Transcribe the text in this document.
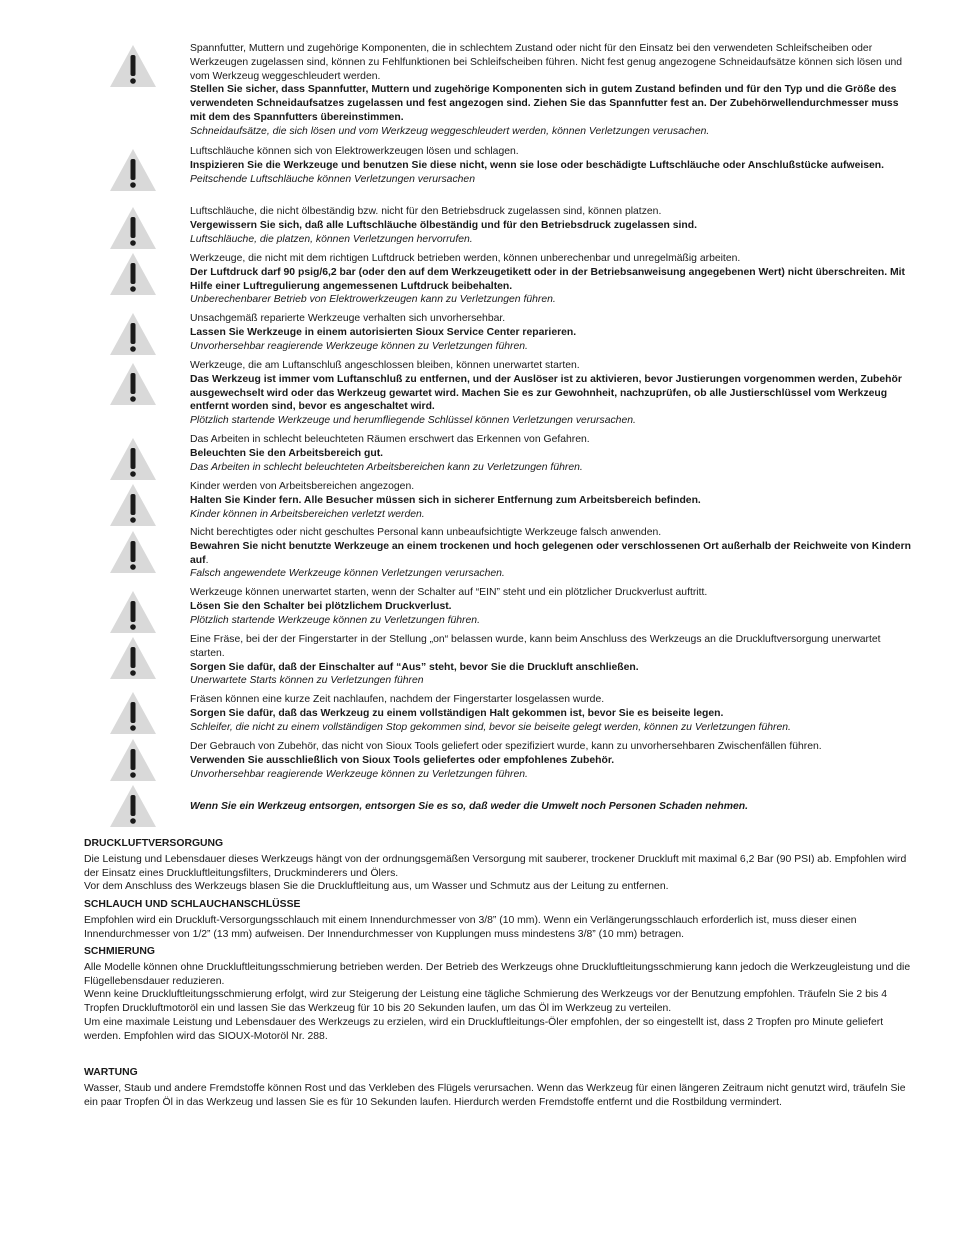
Spannfutter, Muttern und zugehörige Komponenten, die in schlechtem Zustand oder nicht für den Einsatz bei den verwendeten Schleifscheiben oder Werkzeugen zugelassen sind, können zu Fehlfunktionen bei Schleifscheiben führen. Nicht fest genug angezogene Schneidaufsätze können sich lösen und vom Werkzeug weggeschleudert werden.

Stellen Sie sicher, dass Spannfutter, Muttern und zugehörige Komponenten sich in gutem Zustand befinden und für den Typ und die Größe des verwendeten Schneidaufsatzes zugelassen und fest angezogen sind. Ziehen Sie das Spannfutter fest an. Der Zubehörwellendurchmesser muss mit dem des Spannfutters übereinstimmen.

Schneidaufsätze, die sich lösen und vom Werkzeug weggeschleudert werden, können Verletzungen verusachen.

Luftschläuche können sich von Elektrowerkzeugen lösen und schlagen.

Inspizieren Sie die Werkzeuge und benutzen Sie diese nicht, wenn sie lose oder beschädigte Luftschläuche oder Anschlußstücke aufweisen.

Peitschende Luftschläuche können Verletzungen verursachen

Luftschläuche, die nicht ölbeständig bzw. nicht für den Betriebsdruck zugelassen sind, können platzen.

Vergewissern Sie sich, daß alle Luftschläuche ölbeständig und für den Betriebsdruck zugelassen sind.

Luftschläuche, die platzen, können Verletzungen hervorrufen.

Werkzeuge, die nicht mit dem richtigen Luftdruck betrieben werden, können unberechenbar und unregelmäßig arbeiten.

Der Luftdruck darf 90 psig/6,2 bar (oder den auf dem Werkzeugetikett oder in der Betriebsanweisung angegebenen Wert) nicht überschreiten. Mit Hilfe einer Luftregulierung angemessenen Luftdruck beibehalten.

Unberechenbarer Betrieb von Elektrowerkzeugen kann zu Verletzungen führen.

Unsachgemäß reparierte Werkzeuge verhalten sich unvorhersehbar.

Lassen Sie Werkzeuge in einem autorisierten Sioux Service Center reparieren.

Unvorhersehbar reagierende Werkzeuge können zu Verletzungen führen.

Werkzeuge, die am Luftanschluß angeschlossen bleiben, können unerwartet starten.

Das Werkzeug ist immer vom Luftanschluß zu entfernen, und der Auslöser ist zu aktivieren, bevor Justierungen vorgenommen werden, Zubehör ausgewechselt wird oder das Werkzeug gewartet wird. Machen Sie es zur Gewohnheit, nachzuprüfen, ob alle Justierschlüssel vom Werkzeug entfernt worden sind, bevor es angeschaltet wird.

Plötzlich startende Werkzeuge und herumfliegende Schlüssel können Verletzungen verursachen.

Das Arbeiten in schlecht beleuchteten Räumen erschwert das Erkennen von Gefahren.

Beleuchten Sie den Arbeitsbereich gut.

Das Arbeiten in schlecht beleuchteten Arbeitsbereichen kann zu Verletzungen führen.

Kinder werden von Arbeitsbereichen angezogen.

Halten Sie Kinder fern. Alle Besucher müssen sich in sicherer Entfernung zum Arbeitsbereich befinden.

Kinder können in Arbeitsbereichen verletzt werden.

Nicht berechtigtes oder nicht geschultes Personal kann unbeaufsichtigte Werkzeuge falsch anwenden.

Bewahren Sie nicht benutzte Werkzeuge an einem trockenen und hoch gelegenen oder verschlossenen Ort außerhalb der Reichweite von Kindern auf.

Falsch angewendete Werkzeuge können Verletzungen verursachen.

Werkzeuge können unerwartet starten, wenn der Schalter auf “EIN” steht und ein plötzlicher Druckverlust auftritt.

Lösen Sie den Schalter bei plötzlichem Druckverlust.

Plötzlich startende Werkzeuge können zu Verletzungen führen.

Eine Fräse, bei der der Fingerstarter in der Stellung „on“ belassen wurde, kann beim Anschluss des Werkzeugs an die Druckluftversorgung unerwartet starten.

Sorgen Sie dafür, daß der Einschalter auf “Aus” steht, bevor Sie die Druckluft anschließen.

Unerwartete Starts können zu Verletzungen führen

Fräsen können eine kurze Zeit nachlaufen, nachdem der Fingerstarter losgelassen wurde.

Sorgen Sie dafür, daß das Werkzeug zu einem vollständigen Halt gekommen ist, bevor Sie es beiseite legen.

Schleifer, die nicht zu einem vollständigen Stop gekommen sind, bevor sie beiseite gelegt werden, können zu Verletzungen führen.

Der Gebrauch von Zubehör, das nicht von Sioux Tools geliefert oder spezifiziert wurde, kann zu unvorhersehbaren Zwischenfällen führen.

Verwenden Sie ausschließlich von Sioux Tools geliefertes oder empfohlenes Zubehör.

Unvorhersehbar reagierende Werkzeuge können zu Verletzungen führen.

Wenn Sie ein Werkzeug entsorgen, entsorgen Sie es so, daß weder die Umwelt noch Personen Schaden nehmen.

DRUCKLUFTVERSORGUNG

Die Leistung und Lebensdauer dieses Werkzeugs hängt von der ordnungsgemäßen Versorgung mit sauberer, trockener Druckluft mit maximal 6,2 Bar (90 PSI) ab. Empfohlen wird der Einsatz eines Druckluftleitungsfilters, Druckminderers und Ölers.

Vor dem Anschluss des Werkzeugs blasen Sie die Druckluftleitung aus, um Wasser und Schmutz aus der Leitung zu entfernen.

SCHLAUCH UND SCHLAUCHANSCHLÜSSE

Empfohlen wird ein Druckluft-Versorgungsschlauch mit einem Innendurchmesser von 3/8” (10 mm). Wenn ein Verlängerungsschlauch erforderlich ist, muss dieser einen Innendurchmesser von 1/2” (13 mm) aufweisen. Der Innendurchmesser von Kupplungen muss mindestens 3/8” (10 mm) betragen.

SCHMIERUNG

Alle Modelle können ohne Druckluftleitungsschmierung betrieben werden. Der Betrieb des Werkzeugs ohne Druckluftleitungsschmierung kann jedoch die Werkzeugleistung und die Flügellebensdauer reduzieren.

Wenn keine Druckluftleitungsschmierung erfolgt, wird zur Steigerung der Leistung eine tägliche Schmierung des Werkzeugs vor der Benutzung empfohlen. Träufeln Sie 2 bis 4 Tropfen Druckluftmotoröl ein und lassen Sie das Werkzeug für 10 bis 20 Sekunden laufen, um das Öl im Werkzeug zu verteilen.

Um eine maximale Leistung und Lebensdauer des Werkzeugs zu erzielen, wird ein Druckluftleitungs-Öler empfohlen, der so eingestellt ist, dass 2 Tropfen pro Minute geliefert werden. Empfohlen wird das SIOUX-Motoröl Nr. 288.

WARTUNG

Wasser, Staub und andere Fremdstoffe können Rost und das Verkleben des Flügels verursachen. Wenn das Werkzeug für einen längeren Zeitraum nicht genutzt wird, träufeln Sie ein paar Tropfen Öl in das Werkzeug und lassen Sie es für 10 Sekunden laufen. Hierdurch werden Fremdstoffe entfernt und die Rostbildung vermindert.
